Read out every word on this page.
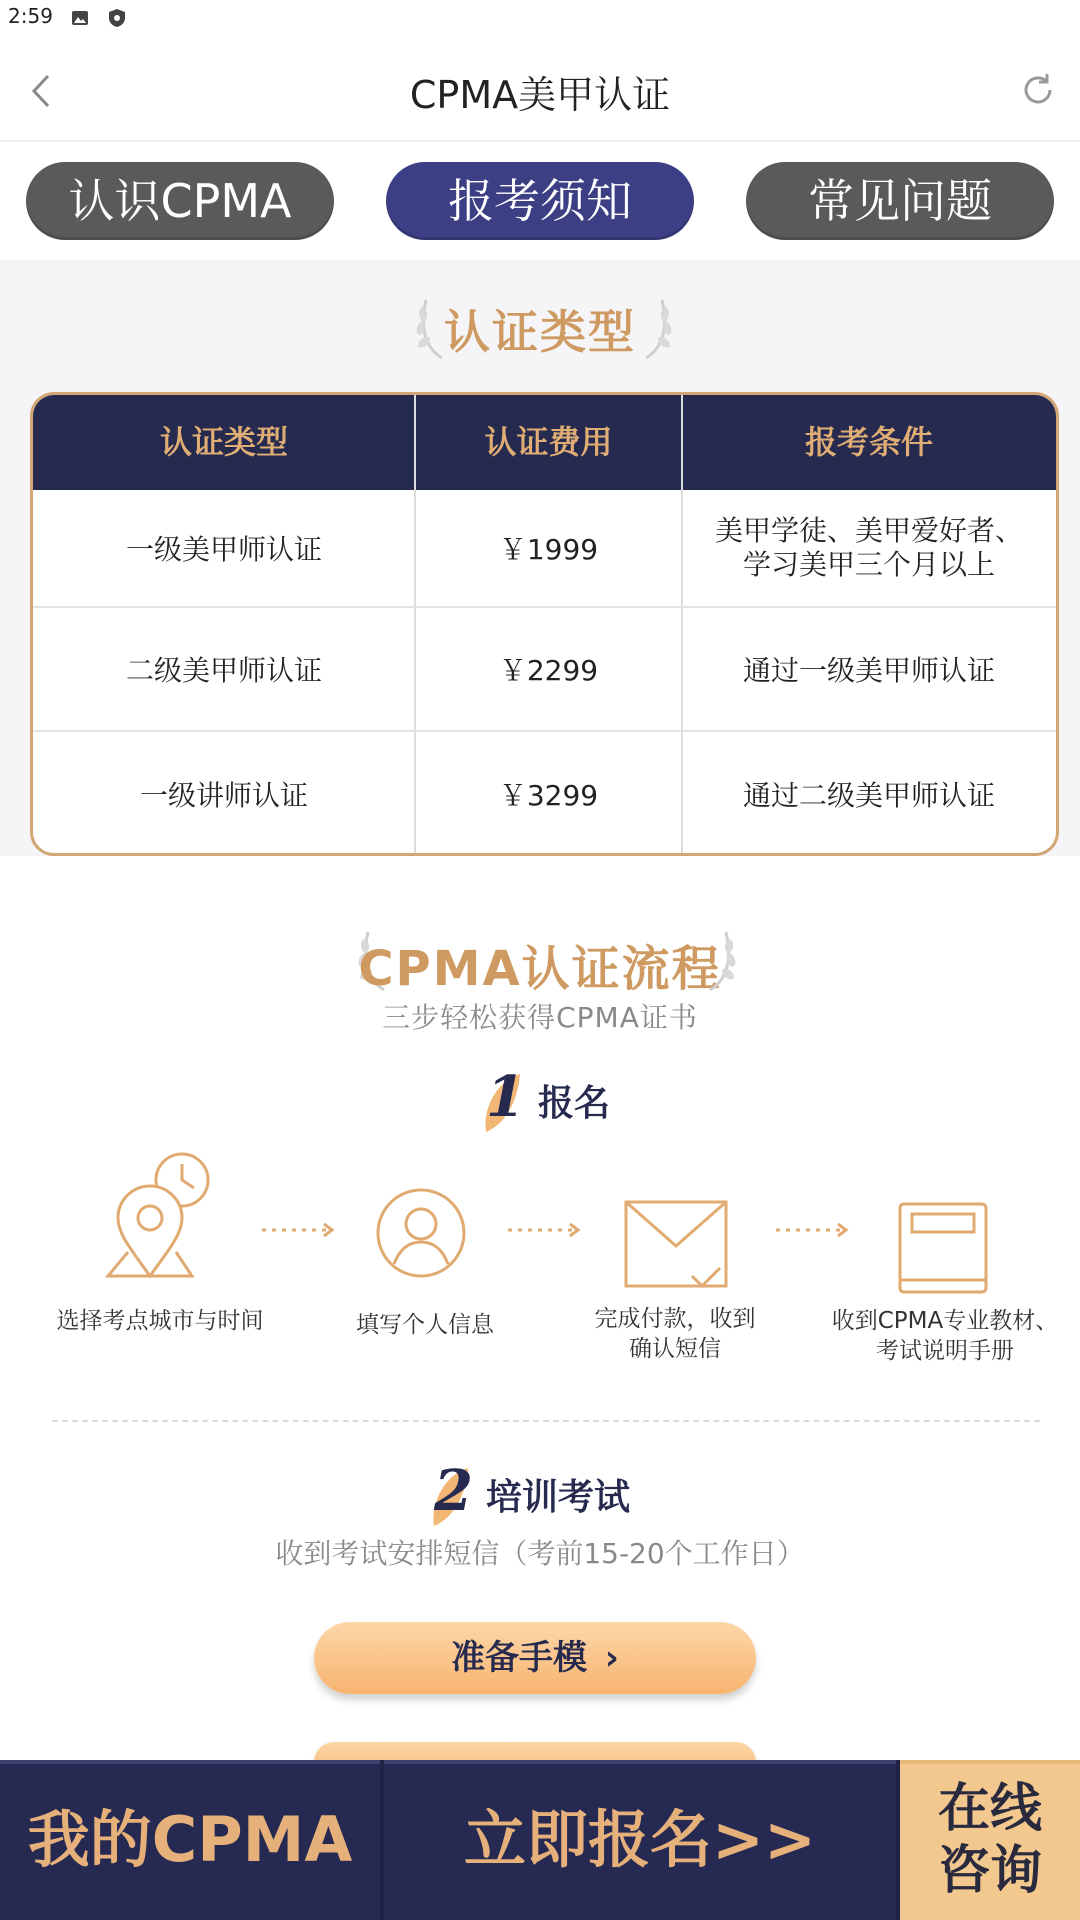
2:59
CPMA美甲认证
认识CPMA	报考须知	常见问题
认证类型
认证类型	认证费用	报考条件
一级美甲师认证	￥1999
美甲学徒、美甲爱好者、
学习美甲三个月以上
二级美甲师认证	￥2299	通过一级美甲师认证
一级讲师认证	￥3299	通过二级美甲师认证
CPMA认证流程
三步轻松获得CPMA证书
1 报名
选择考点城市与时间	填写个人信息	完成付款，收到
确认短信
收到CPMA专业教材、
考试说明手册
2 培训考试
收到考试安排短信（考前15-20个工作日）
准备手模 ›
我的CPMA	立即报名>>	在线
咨询
